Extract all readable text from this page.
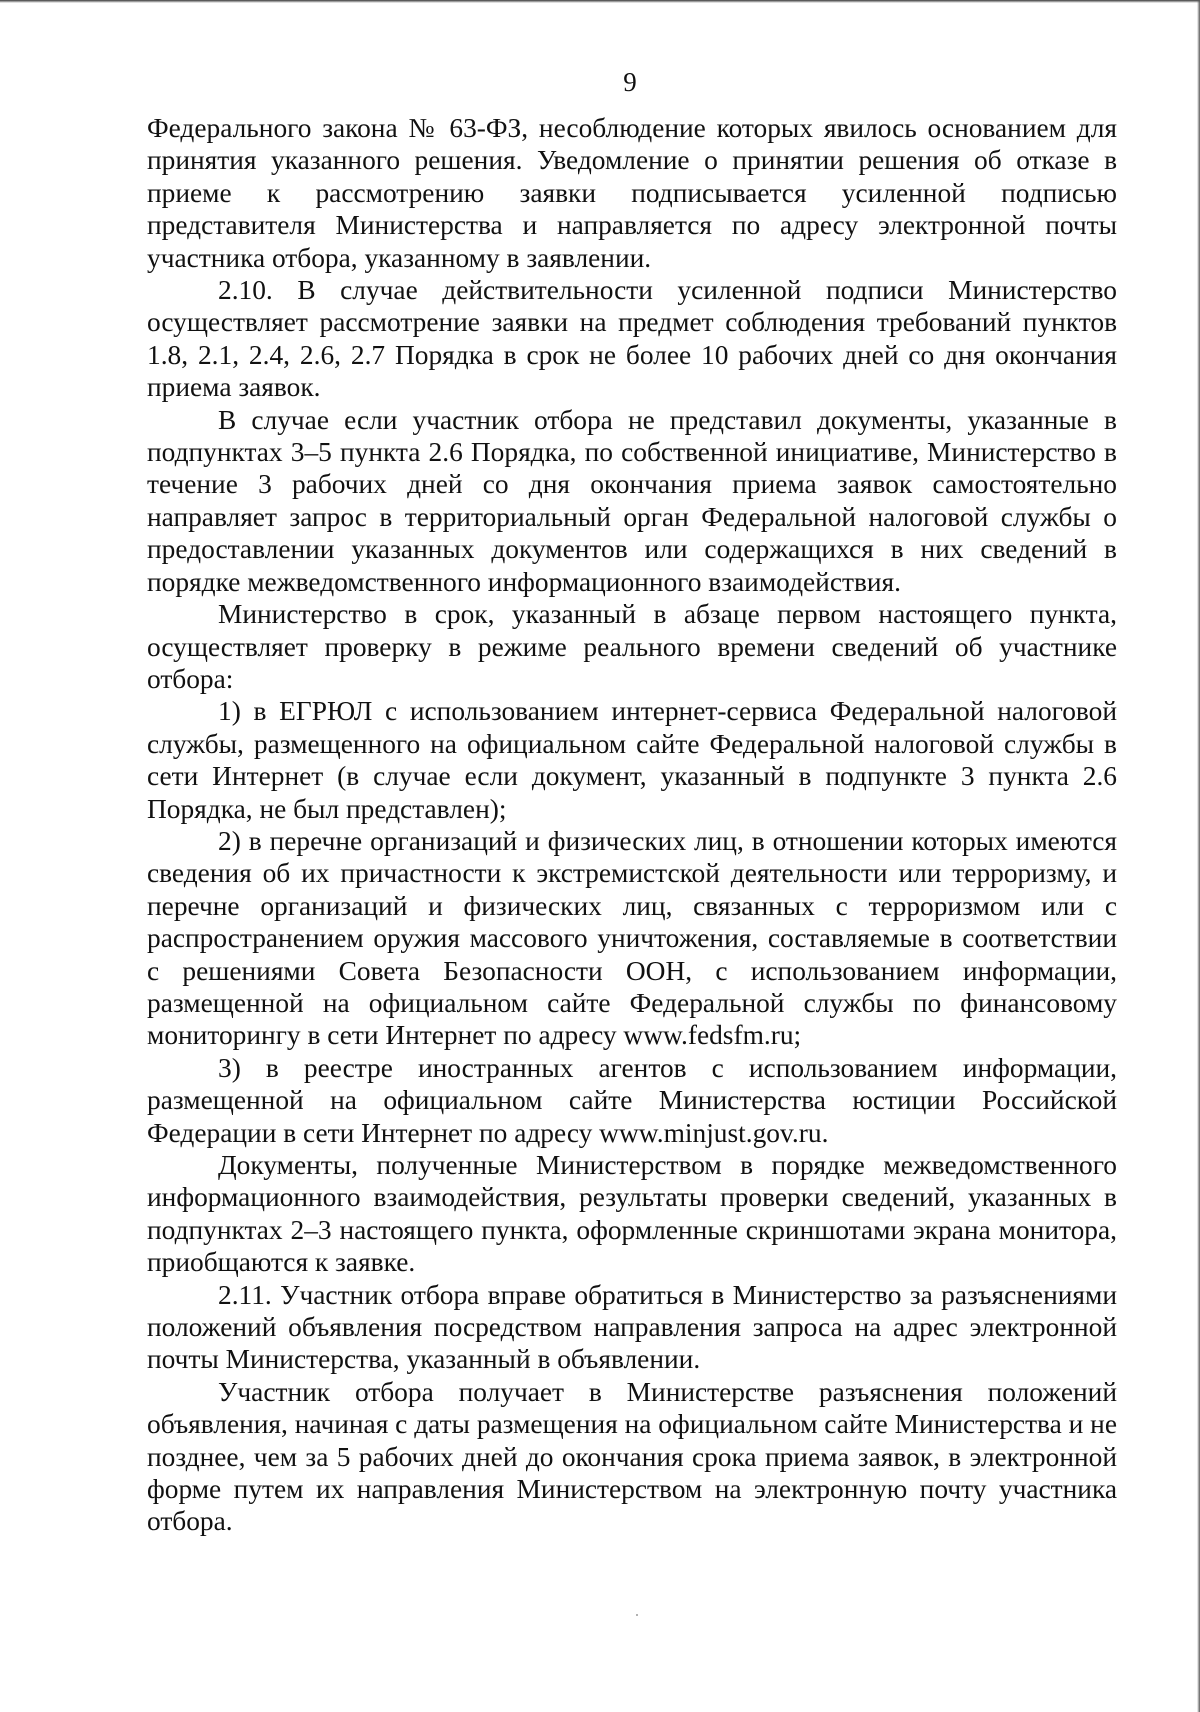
9

Федерального закона № 63-ФЗ, несоблюдение которых явилось основанием для принятия указанного решения. Уведомление о принятии решения об отказе в приеме к рассмотрению заявки подписывается усиленной подписью представителя Министерства и направляется по адресу электронной почты участника отбора, указанному в заявлении.

2.10. В случае действительности усиленной подписи Министерство осуществляет рассмотрение заявки на предмет соблюдения требований пунктов 1.8, 2.1, 2.4, 2.6, 2.7 Порядка в срок не более 10 рабочих дней со дня окончания приема заявок.

В случае если участник отбора не представил документы, указанные в подпунктах 3–5 пункта 2.6 Порядка, по собственной инициативе, Министерство в течение 3 рабочих дней со дня окончания приема заявок самостоятельно направляет запрос в территориальный орган Федеральной налоговой службы о предоставлении указанных документов или содержащихся в них сведений в порядке межведомственного информационного взаимодействия.

Министерство в срок, указанный в абзаце первом настоящего пункта, осуществляет проверку в режиме реального времени сведений об участнике отбора:

1) в ЕГРЮЛ с использованием интернет-сервиса Федеральной налоговой службы, размещенного на официальном сайте Федеральной налоговой службы в сети Интернет (в случае если документ, указанный в подпункте 3 пункта 2.6 Порядка, не был представлен);

2) в перечне организаций и физических лиц, в отношении которых имеются сведения об их причастности к экстремистской деятельности или терроризму, и перечне организаций и физических лиц, связанных с терроризмом или с распространением оружия массового уничтожения, составляемые в соответствии с решениями Совета Безопасности ООН, с использованием информации, размещенной на официальном сайте Федеральной службы по финансовому мониторингу в сети Интернет по адресу www.fedsfm.ru;

3) в реестре иностранных агентов с использованием информации, размещенной на официальном сайте Министерства юстиции Российской Федерации в сети Интернет по адресу www.minjust.gov.ru.

Документы, полученные Министерством в порядке межведомственного информационного взаимодействия, результаты проверки сведений, указанных в подпунктах 2–3 настоящего пункта, оформленные скриншотами экрана монитора, приобщаются к заявке.

2.11. Участник отбора вправе обратиться в Министерство за разъяснениями положений объявления посредством направления запроса на адрес электронной почты Министерства, указанный в объявлении.

Участник отбора получает в Министерстве разъяснения положений объявления, начиная с даты размещения на официальном сайте Министерства и не позднее, чем за 5 рабочих дней до окончания срока приема заявок, в электронной форме путем их направления Министерством на электронную почту участника отбора.
